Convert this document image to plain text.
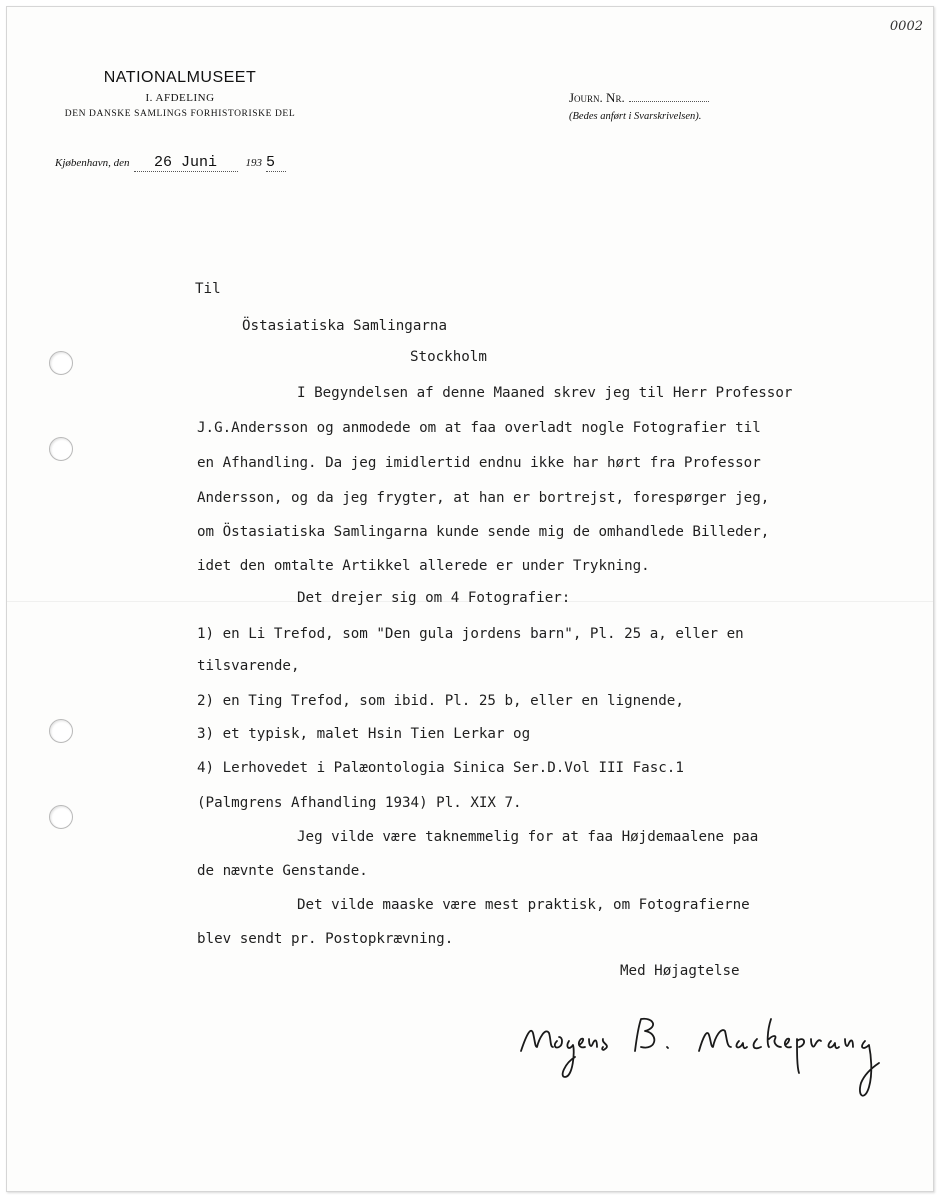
0002
NATIONALMUSEET
I. AFDELING
DEN DANSKE SAMLINGS FORHISTORISKE DEL
Journ. Nr.
(Bedes anført i Svarskrivelsen).
Kjøbenhavn, den 26 Juni	193 5
Til
Östasiatiska Samlingarna
Stockholm
I Begyndelsen af denne Maaned skrev jeg til Herr Professor
J.G.Andersson og anmodede om at faa overladt nogle Fotografier til
en Afhandling. Da jeg imidlertid endnu ikke har hørt fra Professor
Andersson, og da jeg frygter, at han er bortrejst, forespørger jeg,
om Östasiatiska Samlingarna kunde sende mig de omhandlede Billeder,
idet den omtalte Artikkel allerede er under Trykning.
Det drejer sig om 4 Fotografier:
1) en Li Trefod, som "Den gula jordens barn", Pl. 25 a, eller en
tilsvarende,
2) en Ting Trefod, som ibid. Pl. 25 b, eller en lignende,
3) et typisk, malet Hsin Tien Lerkar og
4) Lerhovedet i Palæontologia Sinica Ser.D.Vol III Fasc.1
(Palmgrens Afhandling 1934) Pl. XIX 7.
Jeg vilde være taknemmelig for at faa Højdemaalene paa
de nævnte Genstande.
Det vilde maaske være mest praktisk, om Fotografierne
blev sendt pr. Postopkrævning.
Med Højagtelse
